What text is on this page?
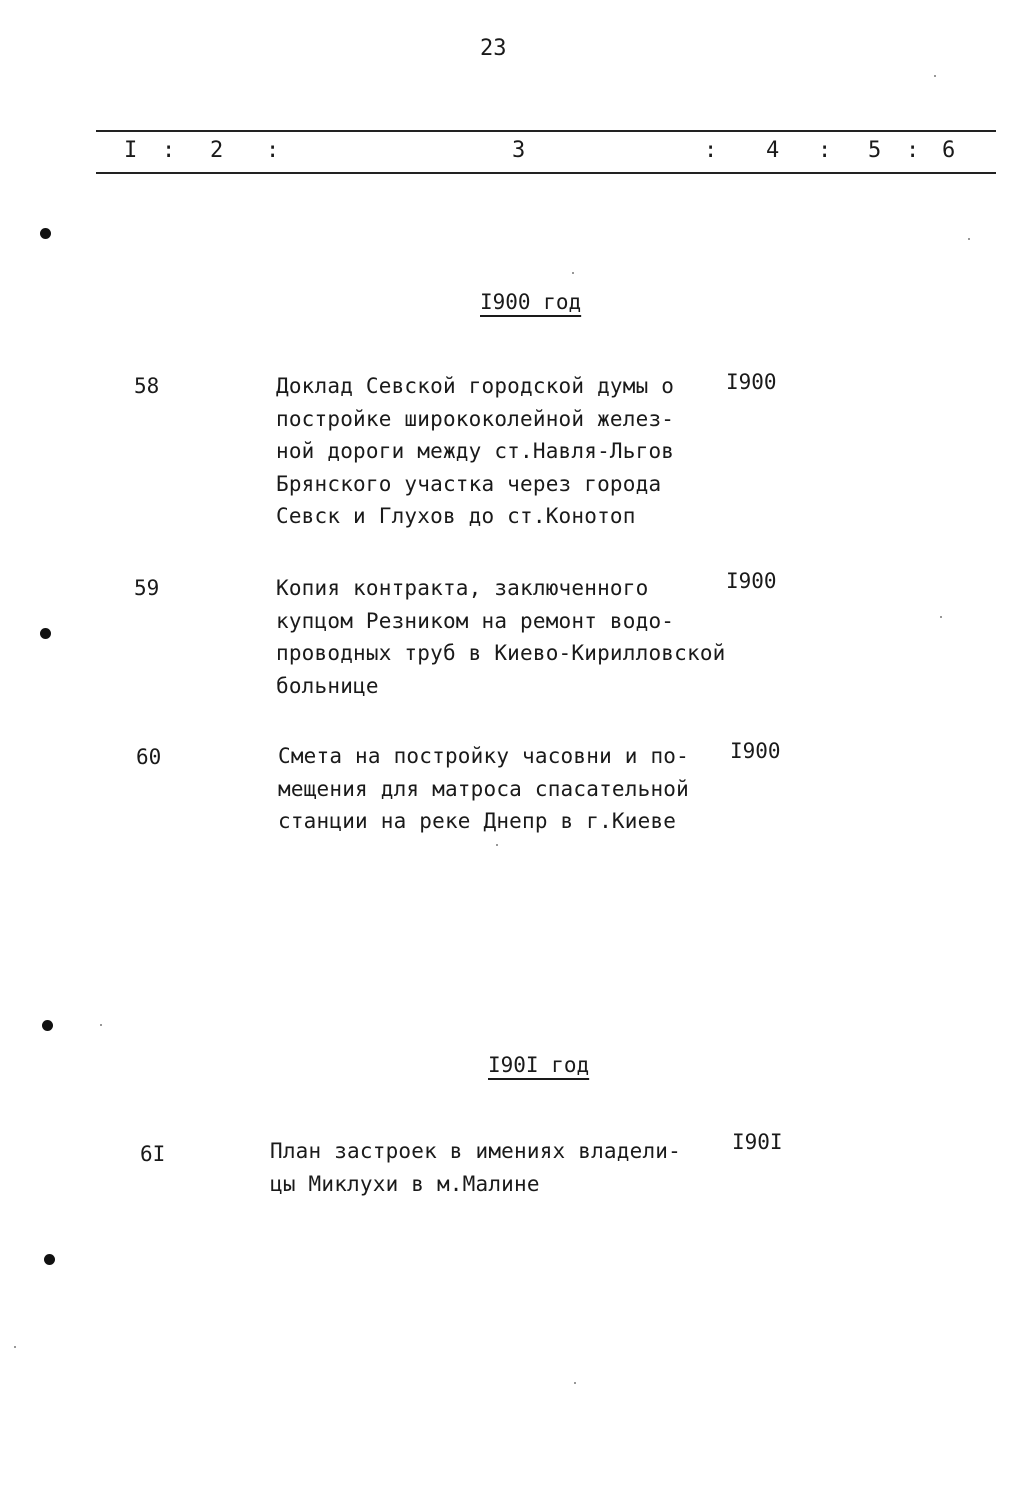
23
I : 2 :	3	: 4 : 5 : 6
I900 год
58	Доклад Севской городской думы о
постройке ширококолейной желез-
ной дороги между ст.Навля-Льгов
Брянского участка через города
Севск и Глухов до ст.Конотоп
I900
59	Копия контракта, заключенного
купцом Резником на ремонт водо-
проводных труб в Киево-Кирилловской
больнице
I900
60	Смета на постройку часовни и по-
мещения для матроса спасательной
станции на реке Днепр в г.Киеве
I900
I90I год
6I	План застроек в имениях владели-
цы Миклухи в м.Малине
I90I
